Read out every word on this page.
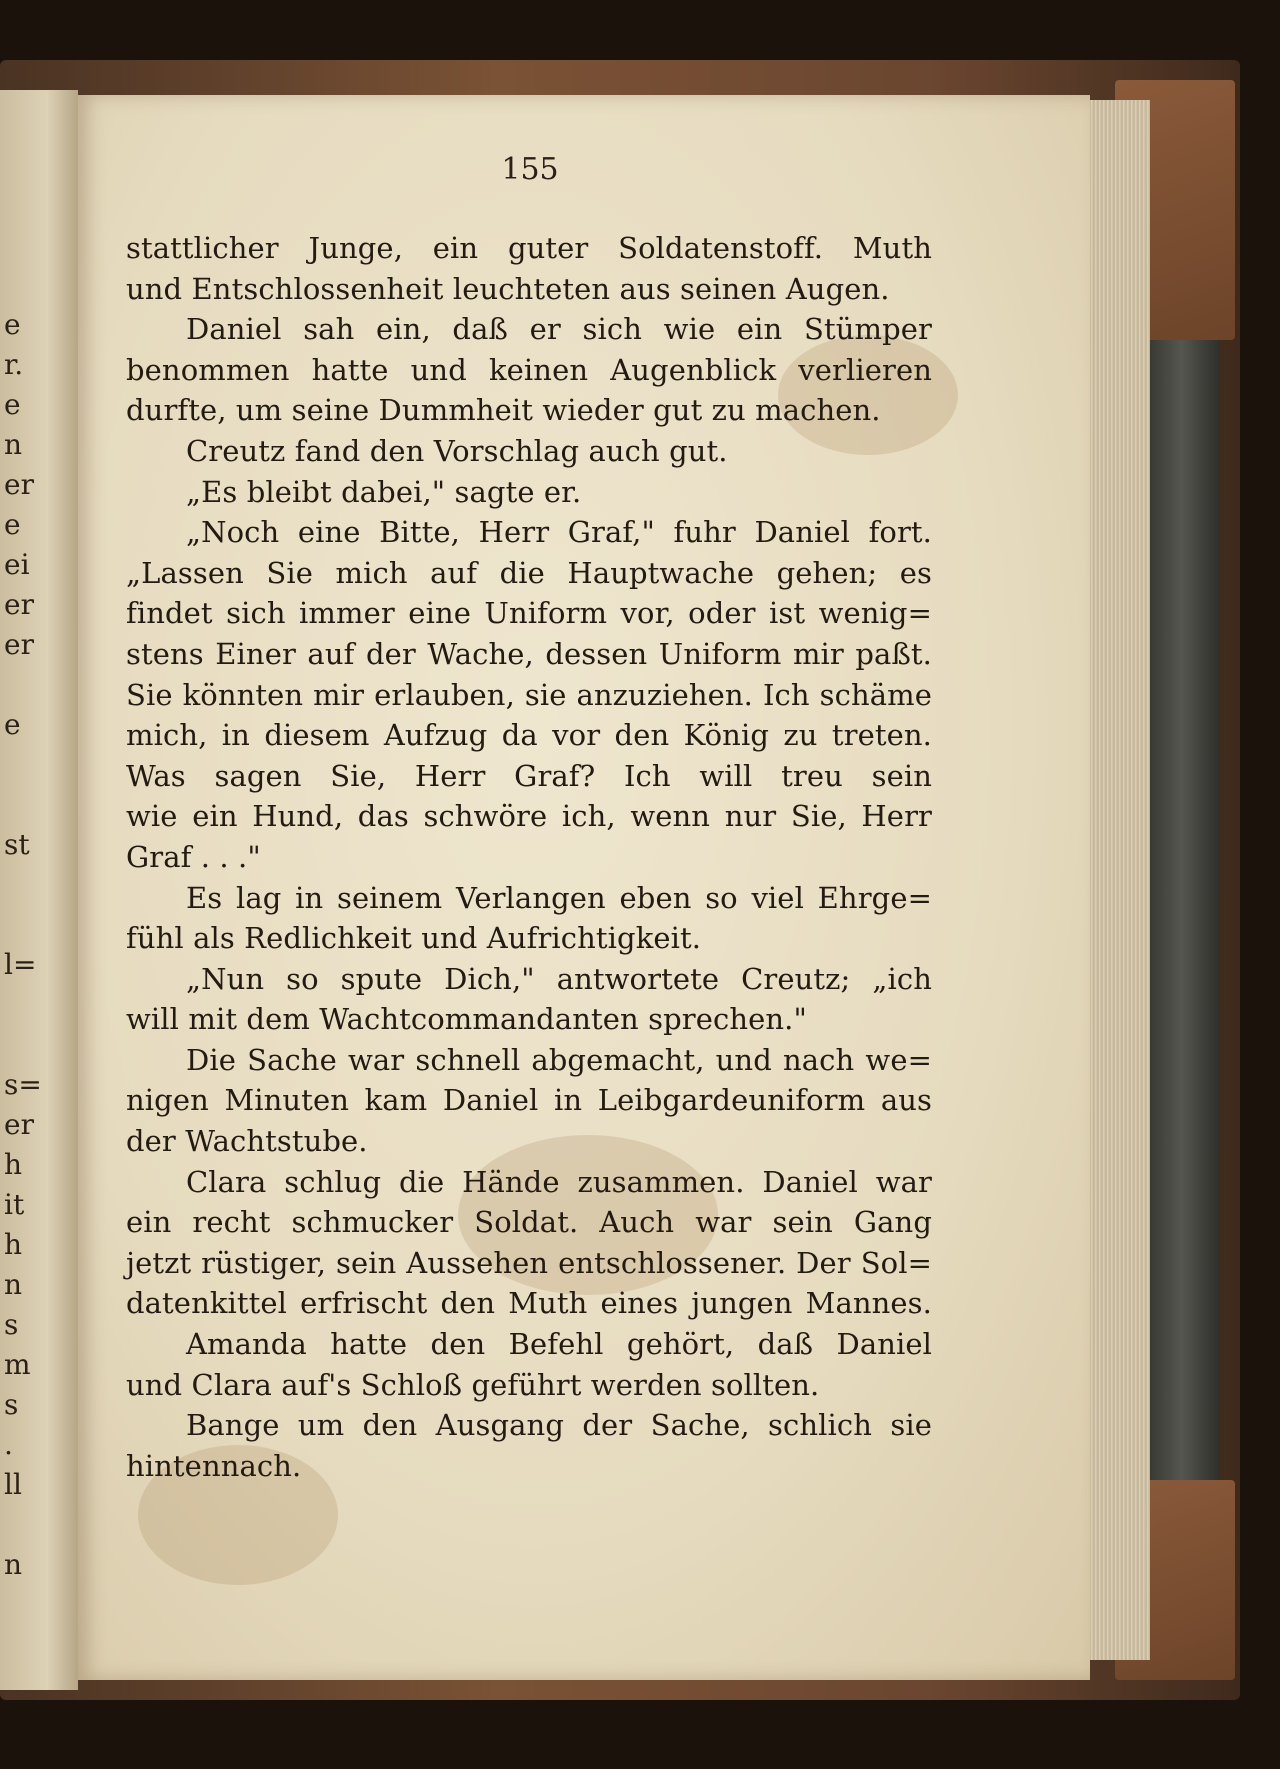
e
r.
e
n
er
e
ei
er
er
e
st
l=
s=
er
h
it
h
n
s
m
s
.
ll
n
155
stattlicher Junge, ein guter Soldatenstoff. Muth
und Entschlossenheit leuchteten aus seinen Augen.
Daniel sah ein, daß er sich wie ein Stümper
benommen hatte und keinen Augenblick verlieren
durfte, um seine Dummheit wieder gut zu machen.
Creutz fand den Vorschlag auch gut.
„Es bleibt dabei," sagte er.
„Noch eine Bitte, Herr Graf," fuhr Daniel fort.
„Lassen Sie mich auf die Hauptwache gehen; es
findet sich immer eine Uniform vor, oder ist wenig=
stens Einer auf der Wache, dessen Uniform mir paßt.
Sie könnten mir erlauben, sie anzuziehen. Ich schäme
mich, in diesem Aufzug da vor den König zu treten.
Was sagen Sie, Herr Graf? Ich will treu sein
wie ein Hund, das schwöre ich, wenn nur Sie, Herr
Graf . . ."
Es lag in seinem Verlangen eben so viel Ehrge=
fühl als Redlichkeit und Aufrichtigkeit.
„Nun so spute Dich," antwortete Creutz; „ich
will mit dem Wachtcommandanten sprechen."
Die Sache war schnell abgemacht, und nach we=
nigen Minuten kam Daniel in Leibgardeuniform aus
der Wachtstube.
Clara schlug die Hände zusammen. Daniel war
ein recht schmucker Soldat. Auch war sein Gang
jetzt rüstiger, sein Aussehen entschlossener. Der Sol=
datenkittel erfrischt den Muth eines jungen Mannes.
Amanda hatte den Befehl gehört, daß Daniel
und Clara auf's Schloß geführt werden sollten.
Bange um den Ausgang der Sache, schlich sie
hintennach.
